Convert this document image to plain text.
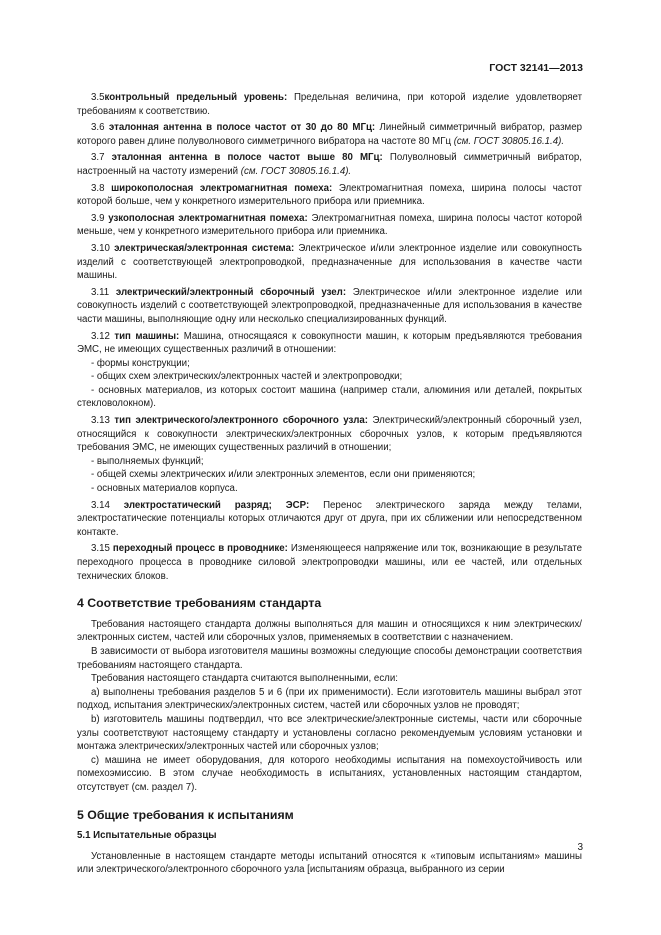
ГОСТ 32141—2013

3.5контрольный предельный уровень: Предельная величина, при которой изделие удовлетворяет требованиям к соответствию.

3.6 эталонная антенна в полосе частот от 30 до 80 МГц: Линейный симметричный вибратор, размер которого равен длине полуволнового симметричного вибратора на частоте 80 МГц (см. ГОСТ 30805.16.1.4).

3.7 эталонная антенна в полосе частот выше 80 МГц: Полуволновый симметричный вибратор, настроенный на частоту измерений (см. ГОСТ 30805.16.1.4).

3.8 широкополосная электромагнитная помеха: Электромагнитная помеха, ширина полосы частот которой больше, чем у конкретного измерительного прибора или приемника.

3.9 узкополосная электромагнитная помеха: Электромагнитная помеха, ширина полосы частот которой меньше, чем у конкретного измерительного прибора или приемника.

3.10 электрическая/электронная система: Электрическое и/или электронное изделие или совокупность изделий с соответствующей электропроводкой, предназначенные для использования в качестве части машины.

3.11 электрический/электронный сборочный узел: Электрическое и/или электронное изделие или совокупность изделий с соответствующей электропроводкой, предназначенные для использования в качестве части машины, выполняющие одну или несколько специализированных функций.

3.12 тип машины: Машина, относящаяся к совокупности машин, к которым предъявляются требования ЭМС, не имеющих существенных различий в отношении:

- формы конструкции;

- общих схем электрических/электронных частей и электропроводки;

- основных материалов, из которых состоит машина (например стали, алюминия или деталей, покрытых стекловолокном).

3.13 тип электрического/электронного сборочного узла: Электрический/электронный сборочный узел, относящийся к совокупности электрических/электронных сборочных узлов, к которым предъявляются требования ЭМС, не имеющих существенных различий в отношении;

- выполняемых функций;

- общей схемы электрических и/или электронных элементов, если они применяются;

- основных материалов корпуса.

3.14 электростатический разряд; ЭСР: Перенос электрического заряда между телами, электростатические потенциалы которых отличаются друг от друга, при их сближении или непосредственном контакте.

3.15 переходный процесс в проводнике: Изменяющееся напряжение или ток, возникающие в результате переходного процесса в проводнике силовой электропроводки машины, или ее частей, или отдельных технических блоков.

4 Соответствие требованиям стандарта

Требования настоящего стандарта должны выполняться для машин и относящихся к ним электрических/электронных систем, частей или сборочных узлов, применяемых в соответствии с назначением.

В зависимости от выбора изготовителя машины возможны следующие способы демонстрации соответствия требованиям настоящего стандарта.

Требования настоящего стандарта считаются выполненными, если:

а) выполнены требования разделов 5 и 6 (при их применимости). Если изготовитель машины выбрал этот подход, испытания электрических/электронных систем, частей или сборочных узлов не проводят;

b) изготовитель машины подтвердил, что все электрические/электронные системы, части или сборочные узлы соответствуют настоящему стандарту и установлены согласно рекомендуемым условиям установки и монтажа электрических/электронных частей или сборочных узлов;

с) машина не имеет оборудования, для которого необходимы испытания на помехоустойчивость или помехоэмиссию. В этом случае необходимость в испытаниях, установленных настоящим стандартом, отсутствует (см. раздел 7).

5 Общие требования к испытаниям

5.1 Испытательные образцы

Установленные в настоящем стандарте методы испытаний относятся к «типовым испытаниям» машины или электрического/электронного сборочного узла [испытаниям образца, выбранного из серии

3
